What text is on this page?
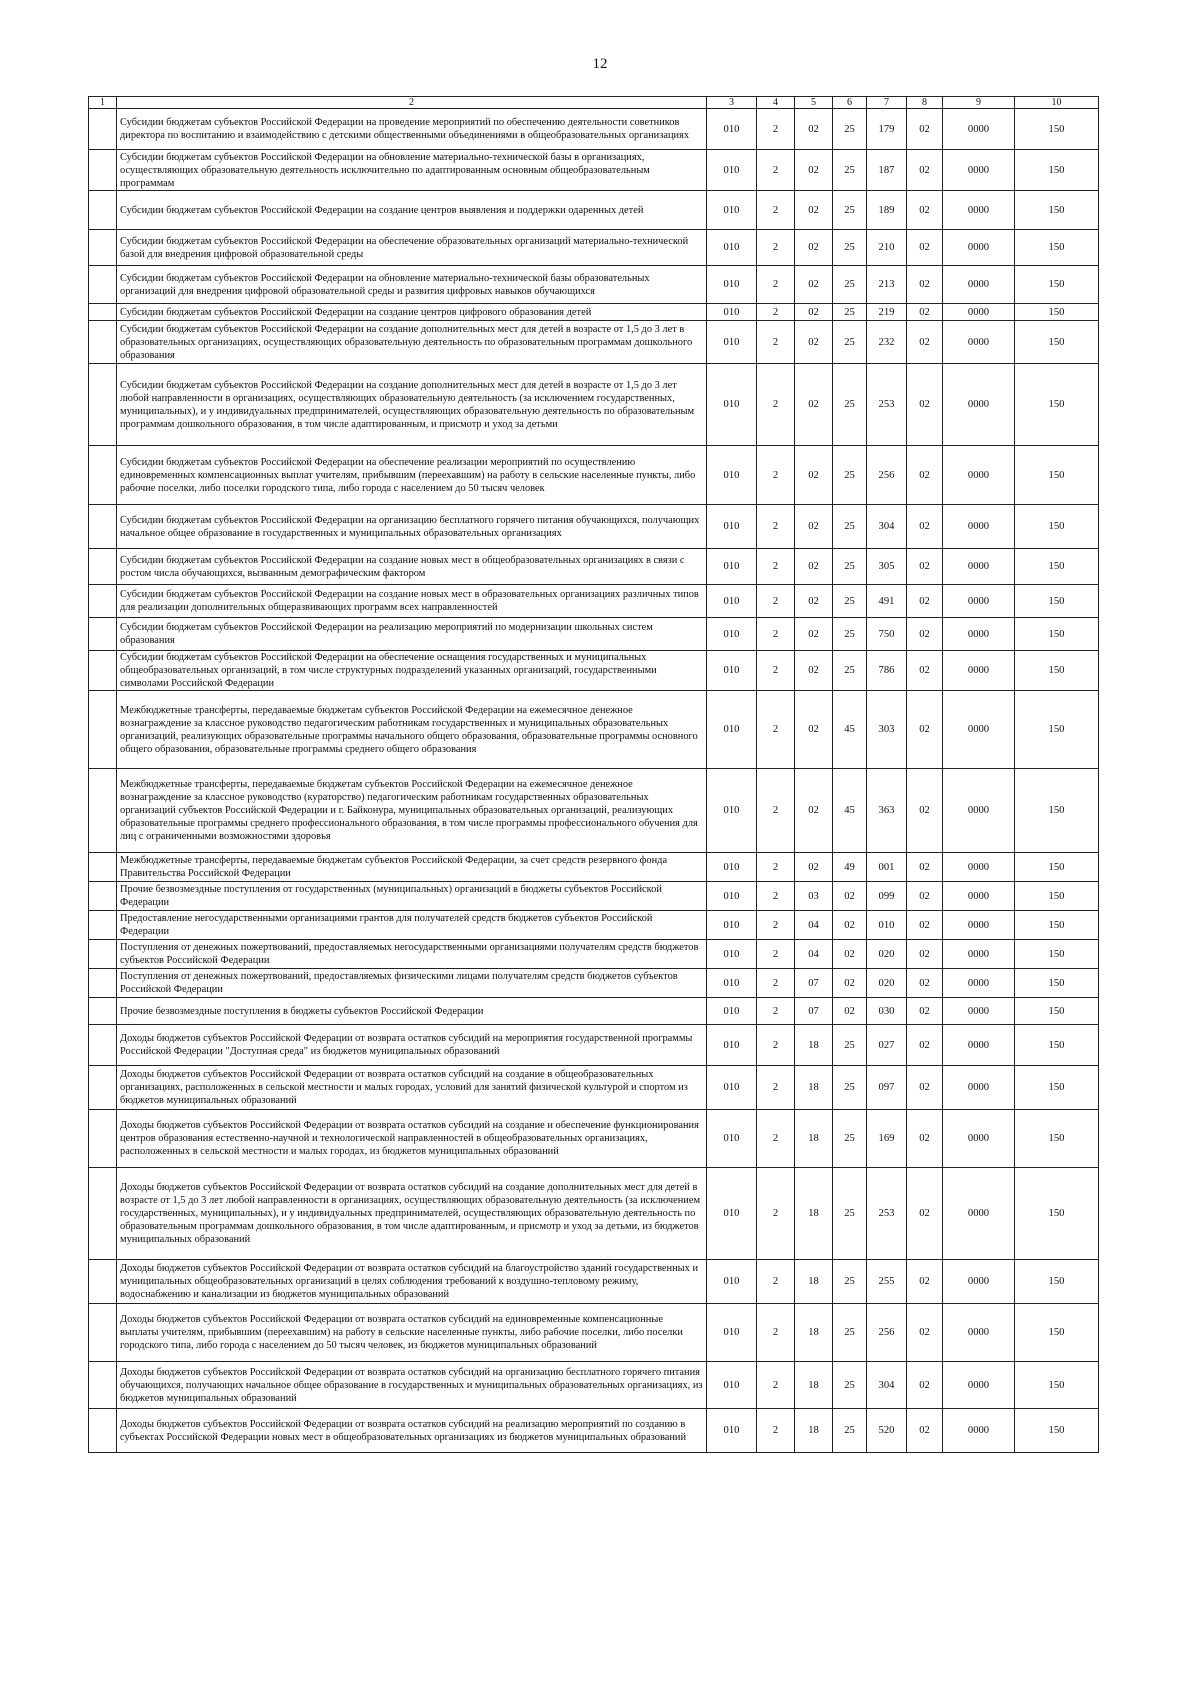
12
1	2	3	4	5	6	7	8	9	10
	Субсидии бюджетам субъектов Российской Федерации на проведение мероприятий по обеспечению деятельности советников директора по воспитанию и взаимодействию с детскими общественными объединениями в общеобразовательных организациях	010	2	02	25	179	02	0000	150
	Субсидии бюджетам субъектов Российской Федерации на обновление материально-технической базы в организациях, осуществляющих образовательную деятельность исключительно по адаптированным основным общеобразовательным программам	010	2	02	25	187	02	0000	150
	Субсидии бюджетам субъектов Российской Федерации на создание центров выявления и поддержки одаренных детей	010	2	02	25	189	02	0000	150
	Субсидии бюджетам субъектов Российской Федерации на обеспечение образовательных организаций материально-технической базой для внедрения цифровой образовательной среды	010	2	02	25	210	02	0000	150
	Субсидии бюджетам субъектов Российской Федерации на обновление материально-технической базы образовательных организаций для внедрения цифровой образовательной среды и развития цифровых навыков обучающихся	010	2	02	25	213	02	0000	150
	Субсидии бюджетам субъектов Российской Федерации на создание центров цифрового образования детей	010	2	02	25	219	02	0000	150
	Субсидии бюджетам субъектов Российской Федерации на создание дополнительных мест для детей в возрасте от 1,5 до 3 лет в образовательных организациях, осуществляющих образовательную деятельность по образовательным программам дошкольного образования	010	2	02	25	232	02	0000	150
	Субсидии бюджетам субъектов Российской Федерации на создание дополнительных мест для детей в возрасте от 1,5 до 3 лет любой направленности в организациях, осуществляющих образовательную деятельность (за исключением государственных, муниципальных), и у индивидуальных предпринимателей, осуществляющих образовательную деятельность по образовательным программам дошкольного образования, в том числе адаптированным, и присмотр и уход за детьми	010	2	02	25	253	02	0000	150
	Субсидии бюджетам субъектов Российской Федерации на обеспечение реализации мероприятий по осуществлению единовременных компенсационных выплат учителям, прибывшим (переехавшим) на работу в сельские населенные пункты, либо рабочие поселки, либо поселки городского типа, либо города с населением до 50 тысяч человек	010	2	02	25	256	02	0000	150
	Субсидии бюджетам субъектов Российской Федерации на организацию бесплатного горячего питания обучающихся, получающих начальное общее образование в государственных и муниципальных образовательных организациях	010	2	02	25	304	02	0000	150
	Субсидии бюджетам субъектов Российской Федерации на создание новых мест в общеобразовательных организациях в связи с ростом числа обучающихся, вызванным демографическим фактором	010	2	02	25	305	02	0000	150
	Субсидии бюджетам субъектов Российской Федерации на создание новых мест в образовательных организациях различных типов для реализации дополнительных общеразвивающих программ всех направленностей	010	2	02	25	491	02	0000	150
	Субсидии бюджетам субъектов Российской Федерации на реализацию мероприятий по модернизации школьных систем образования	010	2	02	25	750	02	0000	150
	Субсидии бюджетам субъектов Российской Федерации на обеспечение оснащения государственных и муниципальных общеобразовательных организаций, в том числе структурных подразделений указанных организаций, государственными символами Российской Федерации	010	2	02	25	786	02	0000	150
	Межбюджетные трансферты, передаваемые бюджетам субъектов Российской Федерации на ежемесячное денежное вознаграждение за классное руководство педагогическим работникам государственных и муниципальных образовательных организаций, реализующих образовательные программы начального общего образования, образовательные программы основного общего образования, образовательные программы среднего общего образования	010	2	02	45	303	02	0000	150
	Межбюджетные трансферты, передаваемые бюджетам субъектов Российской Федерации на ежемесячное денежное вознаграждение за классное руководство (кураторство) педагогическим работникам государственных образовательных организаций субъектов Российской Федерации и г. Байконура, муниципальных образовательных организаций, реализующих образовательные программы среднего профессионального образования, в том числе программы профессионального обучения для лиц с ограниченными возможностями здоровья	010	2	02	45	363	02	0000	150
	Межбюджетные трансферты, передаваемые бюджетам субъектов Российской Федерации, за счет средств резервного фонда Правительства Российской Федерации	010	2	02	49	001	02	0000	150
	Прочие безвозмездные поступления от государственных (муниципальных) организаций в бюджеты субъектов Российской Федерации	010	2	03	02	099	02	0000	150
	Предоставление негосударственными организациями грантов для получателей средств бюджетов субъектов Российской Федерации	010	2	04	02	010	02	0000	150
	Поступления от денежных пожертвований, предоставляемых негосударственными организациями получателям средств бюджетов субъектов Российской Федерации	010	2	04	02	020	02	0000	150
	Поступления от денежных пожертвований, предоставляемых физическими лицами получателям средств бюджетов субъектов Российской Федерации	010	2	07	02	020	02	0000	150
	Прочие безвозмездные поступления в бюджеты субъектов Российской Федерации	010	2	07	02	030	02	0000	150
	Доходы бюджетов субъектов Российской Федерации от возврата остатков субсидий на мероприятия государственной программы Российской Федерации "Доступная среда" из бюджетов муниципальных образований	010	2	18	25	027	02	0000	150
	Доходы бюджетов субъектов Российской Федерации от возврата остатков субсидий на создание в общеобразовательных организациях, расположенных в сельской местности и малых городах, условий для занятий физической культурой и спортом из бюджетов муниципальных образований	010	2	18	25	097	02	0000	150
	Доходы бюджетов субъектов Российской Федерации от возврата остатков субсидий на создание и обеспечение функционирования центров образования естественно-научной и технологической направленностей в общеобразовательных организациях, расположенных в сельской местности и малых городах, из бюджетов муниципальных образований	010	2	18	25	169	02	0000	150
	Доходы бюджетов субъектов Российской Федерации от возврата остатков субсидий на создание дополнительных мест для детей в возрасте от 1,5 до 3 лет любой направленности в организациях, осуществляющих образовательную деятельность (за исключением государственных, муниципальных), и у индивидуальных предпринимателей, осуществляющих образовательную деятельность по образовательным программам дошкольного образования, в том числе адаптированным, и присмотр и уход за детьми, из бюджетов муниципальных образований	010	2	18	25	253	02	0000	150
	Доходы бюджетов субъектов Российской Федерации от возврата остатков субсидий на благоустройство зданий государственных и муниципальных общеобразовательных организаций в целях соблюдения требований к воздушно-тепловому режиму, водоснабжению и канализации из бюджетов муниципальных образований	010	2	18	25	255	02	0000	150
	Доходы бюджетов субъектов Российской Федерации от возврата остатков субсидий на единовременные компенсационные выплаты учителям, прибывшим (переехавшим) на работу в сельские населенные пункты, либо рабочие поселки, либо поселки городского типа, либо города с населением до 50 тысяч человек, из бюджетов муниципальных образований	010	2	18	25	256	02	0000	150
	Доходы бюджетов субъектов Российской Федерации от возврата остатков субсидий на организацию бесплатного горячего питания обучающихся, получающих начальное общее образование в государственных и муниципальных образовательных организациях, из бюджетов муниципальных образований	010	2	18	25	304	02	0000	150
	Доходы бюджетов субъектов Российской Федерации от возврата остатков субсидий на реализацию мероприятий по созданию в субъектах Российской Федерации новых мест в общеобразовательных организациях из бюджетов муниципальных образований	010	2	18	25	520	02	0000	150
